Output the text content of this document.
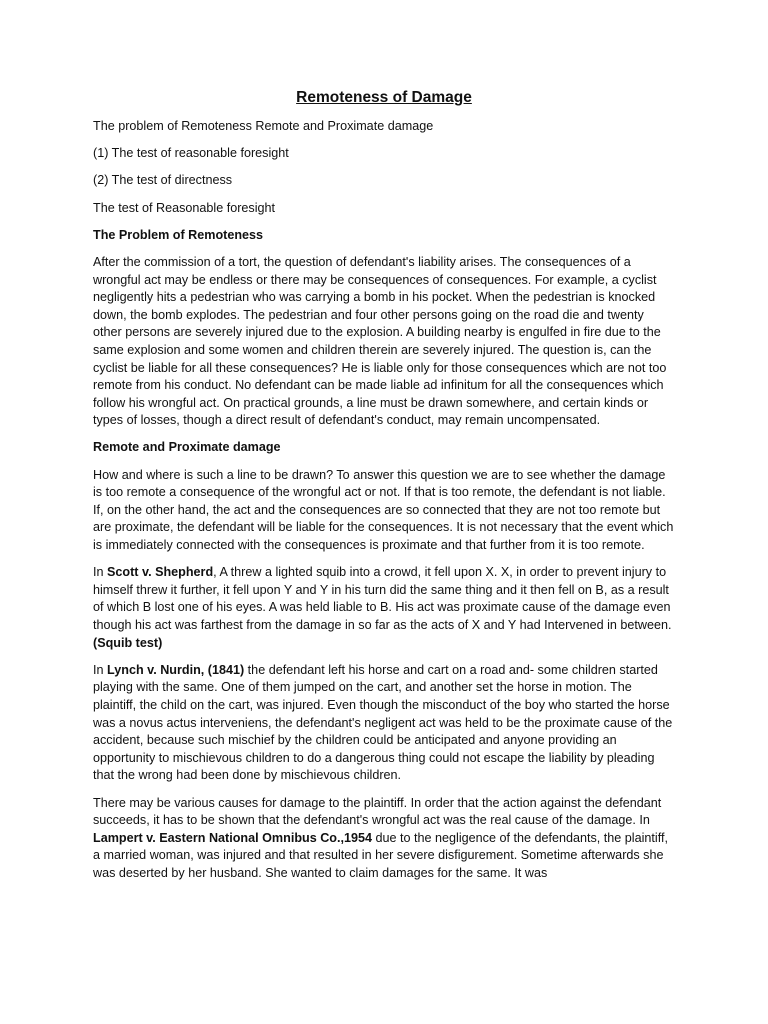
Remoteness of Damage

The problem of Remoteness Remote and Proximate damage

(1) The test of reasonable foresight

(2) The test of directness

The test of Reasonable foresight

The Problem of Remoteness

After the commission of a tort, the question of defendant's liability arises. The consequences of a wrongful act may be endless or there may be consequences of consequences. For example, a cyclist negligently hits a pedestrian who was carrying a bomb in his pocket. When the pedestrian is knocked down, the bomb explodes. The pedestrian and four other persons going on the road die and twenty other persons are severely injured due to the explosion. A building nearby is engulfed in fire due to the same explosion and some women and children therein are severely injured. The question is, can the cyclist be liable for all these consequences? He is liable only for those consequences which are not too remote from his conduct. No defendant can be made liable ad infinitum for all the consequences which follow his wrongful act. On practical grounds, a line must be drawn somewhere, and certain kinds or types of losses, though a direct result of defendant's conduct, may remain uncompensated.

Remote and Proximate damage

How and where is such a line to be drawn? To answer this question we are to see whether the damage is too remote a consequence of the wrongful act or not. If that is too remote, the defendant is not liable. If, on the other hand, the act and the consequences are so connected that they are not too remote but are proximate, the defendant will be liable for the consequences. It is not necessary that the event which is immediately connected with the consequences is proximate and that further from it is too remote.

In Scott v. Shepherd, A threw a lighted squib into a crowd, it fell upon X. X, in order to prevent injury to himself threw it further, it fell upon Y and Y in his turn did the same thing and it then fell on B, as a result of which B lost one of his eyes. A was held liable to B. His act was proximate cause of the damage even though his act was farthest from the damage in so far as the acts of X and Y had Intervened in between. (Squib test)

In Lynch v. Nurdin, (1841) the defendant left his horse and cart on a road and- some children started playing with the same. One of them jumped on the cart, and another set the horse in motion. The plaintiff, the child on the cart, was injured. Even though the misconduct of the boy who started the horse was a novus actus interveniens, the defendant's negligent act was held to be the proximate cause of the accident, because such mischief by the children could be anticipated and anyone providing an opportunity to mischievous children to do a dangerous thing could not escape the liability by pleading that the wrong had been done by mischievous children.

There may be various causes for damage to the plaintiff. In order that the action against the defendant succeeds, it has to be shown that the defendant's wrongful act was the real cause of the damage. In Lampert v. Eastern National Omnibus Co.,1954 due to the negligence of the defendants, the plaintiff, a married woman, was injured and that resulted in her severe disfigurement. Sometime afterwards she was deserted by her husband. She wanted to claim damages for the same. It was
